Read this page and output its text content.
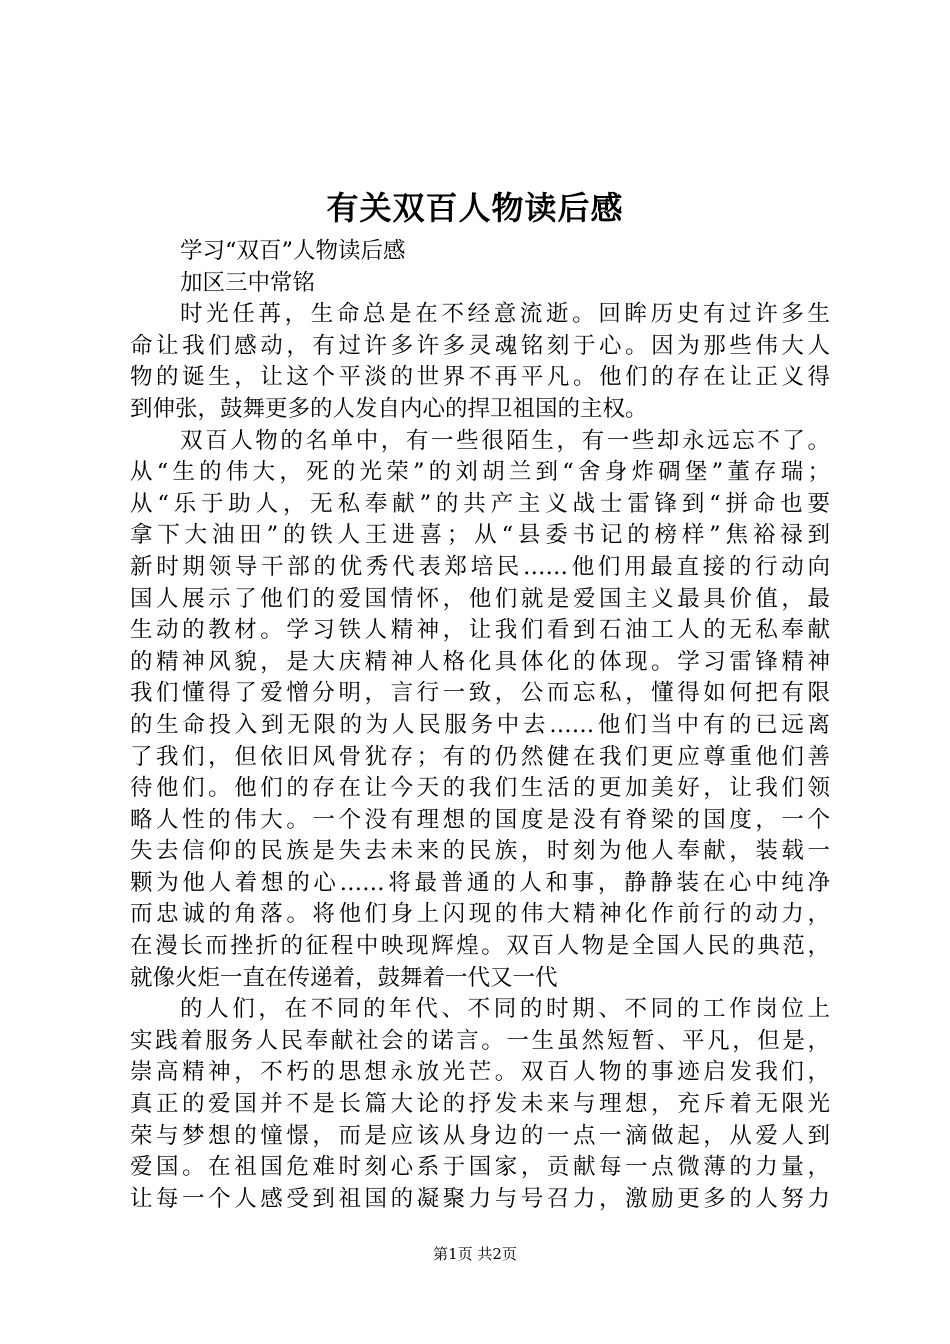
有关双百人物读后感
学习“双百”人物读后感
加区三中常铭
时光任苒，生命总是在不经意流逝。回眸历史有过许多生
命让我们感动，有过许多许多灵魂铭刻于心。因为那些伟大人
物的诞生，让这个平淡的世界不再平凡。他们的存在让正义得
到伸张，鼓舞更多的人发自内心的捍卫祖国的主权。
双百人物的名单中，有一些很陌生，有一些却永远忘不了。
从“生的伟大，死的光荣”的刘胡兰到“舍身炸碉堡”董存瑞；
从“乐于助人，无私奉献”的共产主义战士雷锋到“拼命也要
拿下大油田”的铁人王进喜；从“县委书记的榜样”焦裕禄到
新时期领导干部的优秀代表郑培民……他们用最直接的行动向
国人展示了他们的爱国情怀，他们就是爱国主义最具价值，最
生动的教材。学习铁人精神，让我们看到石油工人的无私奉献
的精神风貌，是大庆精神人格化具体化的体现。学习雷锋精神
我们懂得了爱憎分明，言行一致，公而忘私，懂得如何把有限
的生命投入到无限的为人民服务中去……他们当中有的已远离
了我们，但依旧风骨犹存；有的仍然健在我们更应尊重他们善
待他们。他们的存在让今天的我们生活的更加美好，让我们领
略人性的伟大。一个没有理想的国度是没有脊梁的国度，一个
失去信仰的民族是失去未来的民族，时刻为他人奉献，装载一
颗为他人着想的心……将最普通的人和事，静静装在心中纯净
而忠诚的角落。将他们身上闪现的伟大精神化作前行的动力，
在漫长而挫折的征程中映现辉煌。双百人物是全国人民的典范，
就像火炬一直在传递着，鼓舞着一代又一代
的人们，在不同的年代、不同的时期、不同的工作岗位上
实践着服务人民奉献社会的诺言。一生虽然短暂、平凡，但是，
崇高精神，不朽的思想永放光芒。双百人物的事迹启发我们，
真正的爱国并不是长篇大论的抒发未来与理想，充斥着无限光
荣与梦想的憧憬，而是应该从身边的一点一滴做起，从爱人到
爱国。在祖国危难时刻心系于国家，贡献每一点微薄的力量，
让每一个人感受到祖国的凝聚力与号召力，激励更多的人努力
第1页 共2页
